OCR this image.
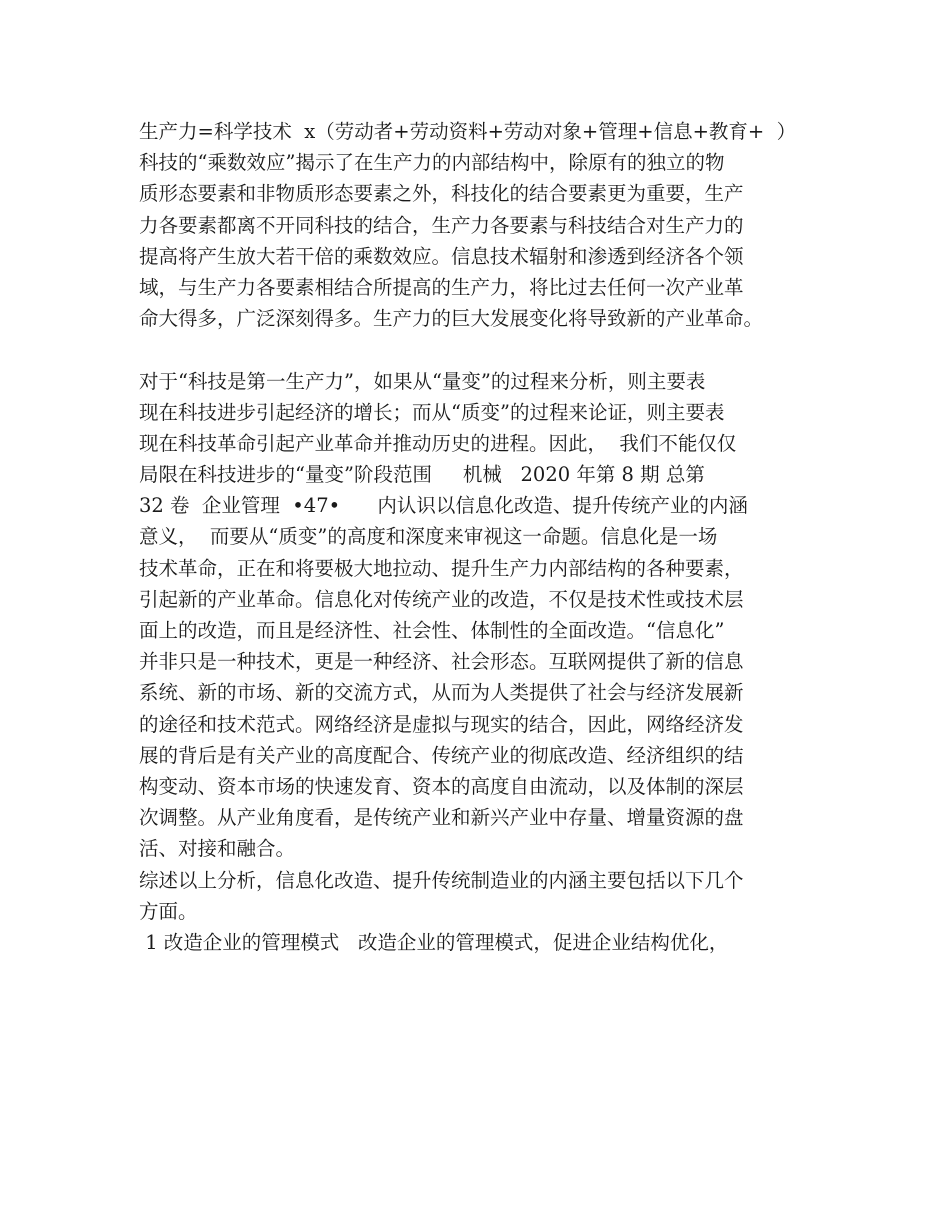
生产力=科学技术  x（劳动者+劳动资料+劳动对象+管理+信息+教育+  ）
科技的“乘数效应”揭示了在生产力的内部结构中，除原有的独立的物
质形态要素和非物质形态要素之外，科技化的结合要素更为重要，生产
力各要素都离不开同科技的结合，生产力各要素与科技结合对生产力的
提高将产生放大若干倍的乘数效应。信息技术辐射和渗透到经济各个领
域，与生产力各要素相结合所提高的生产力，将比过去任何一次产业革
命大得多，广泛深刻得多。生产力的巨大发展变化将导致新的产业革命。
对于“科技是第一生产力”，如果从“量变”的过程来分析，则主要表
现在科技进步引起经济的增长；而从“质变”的过程来论证，则主要表
现在科技革命引起产业革命并推动历史的进程。因此，  我们不能仅仅
局限在科技进步的“量变”阶段范围     机械   2020 年第 8 期 总第
32 卷  企业管理  •47•      内认识以信息化改造、提升传统产业的内涵
意义，  而要从“质变”的高度和深度来审视这一命题。信息化是一场
技术革命，正在和将要极大地拉动、提升生产力内部结构的各种要素，
引起新的产业革命。信息化对传统产业的改造，不仅是技术性或技术层
面上的改造，而且是经济性、社会性、体制性的全面改造。“信息化”
并非只是一种技术，更是一种经济、社会形态。互联网提供了新的信息
系统、新的市场、新的交流方式，从而为人类提供了社会与经济发展新
的途径和技术范式。网络经济是虚拟与现实的结合，因此，网络经济发
展的背后是有关产业的高度配合、传统产业的彻底改造、经济组织的结
构变动、资本市场的快速发育、资本的高度自由流动，以及体制的深层
次调整。从产业角度看，是传统产业和新兴产业中存量、增量资源的盘
活、对接和融合。
综述以上分析，信息化改造、提升传统制造业的内涵主要包括以下几个
方面。
1 改造企业的管理模式   改造企业的管理模式，促进企业结构优化，
